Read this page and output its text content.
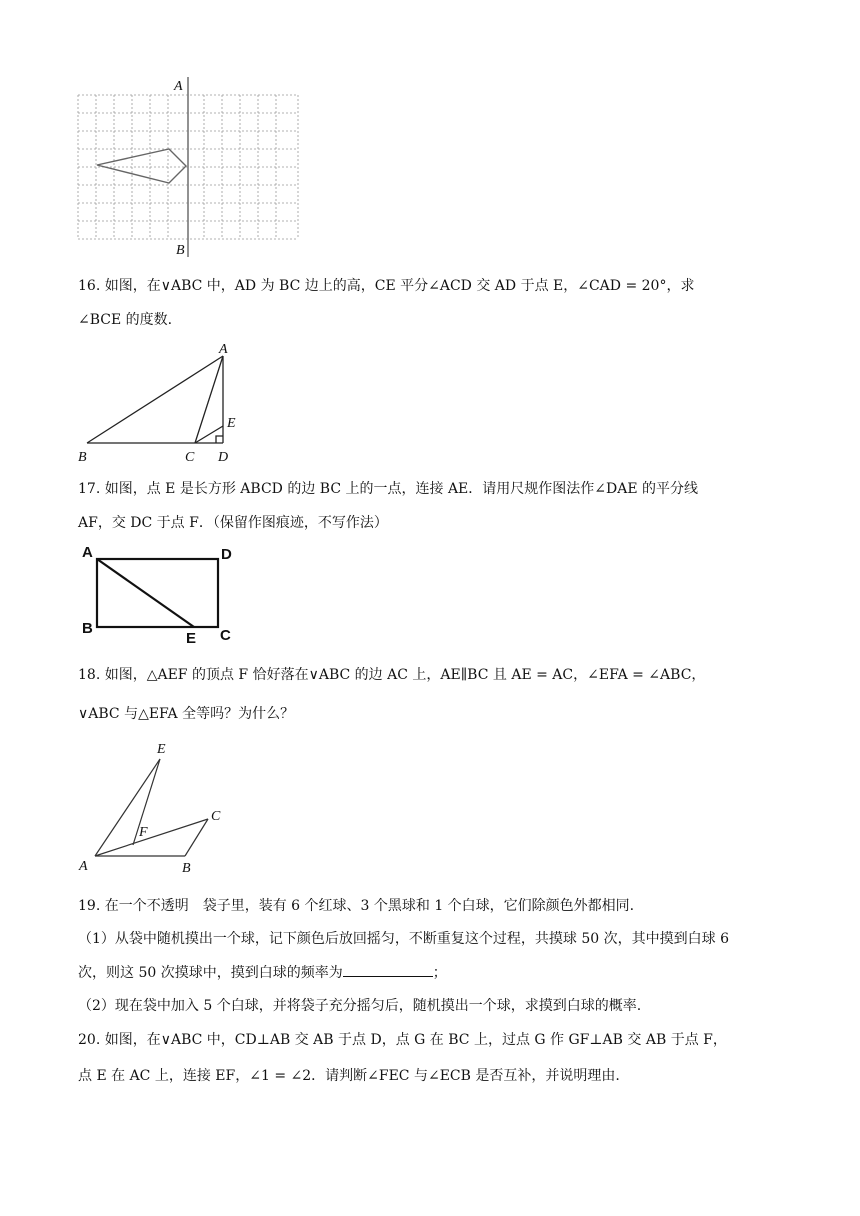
A
B
16. 如图，在∨ABC 中，AD 为 BC 边上的高，CE 平分∠ACD 交 AD 于点 E，∠CAD = 20°，求
∠BCE 的度数.
A
B	C D
E
17. 如图，点 E 是长方形 ABCD 的边 BC 上的一点，连接 AE．请用尺规作图法作∠DAE 的平分线
AF，交 DC 于点 F．（保留作图痕迹，不写作法）
A	D
B
E C
18. 如图，△AEF 的顶点 F 恰好落在∨ABC 的边 AC 上，AE∥BC 且 AE = AC，∠EFA = ∠ABC，
∨ABC 与△EFA 全等吗？为什么？
E
F
C
A	B
19. 在一个不透明　袋子里，装有 6 个红球、3 个黑球和 1 个白球，它们除颜色外都相同.
（1）从袋中随机摸出一个球，记下颜色后放回摇匀，不断重复这个过程，共摸球 50 次，其中摸到白球 6
次，则这 50 次摸球中，摸到白球的频率为	；
（2）现在袋中加入 5 个白球，并将袋子充分摇匀后，随机摸出一个球，求摸到白球的概率.
20. 如图，在∨ABC 中，CD⊥AB 交 AB 于点 D，点 G 在 BC 上，过点 G 作 GF⊥AB 交 AB 于点 F，
点 E 在 AC 上，连接 EF，∠1 = ∠2．请判断∠FEC 与∠ECB 是否互补，并说明理由.
